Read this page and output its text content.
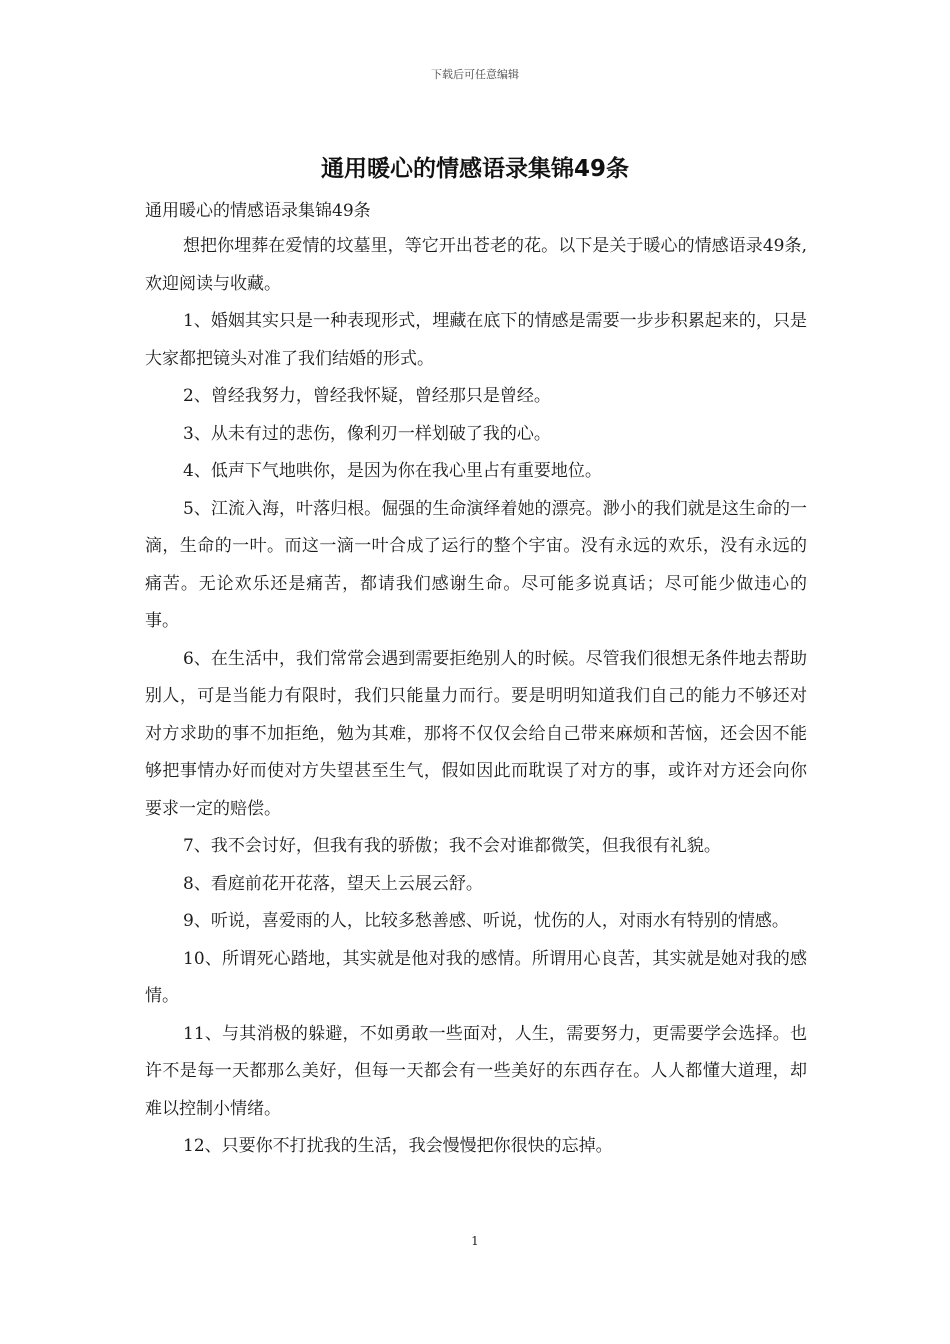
下载后可任意编辑
通用暖心的情感语录集锦49条
通用暖心的情感语录集锦49条

想把你埋葬在爱情的坟墓里，等它开出苍老的花。以下是关于暖心的情感语录49条,欢迎阅读与收藏。

1、婚姻其实只是一种表现形式，埋藏在底下的情感是需要一步步积累起来的，只是大家都把镜头对准了我们结婚的形式。

2、曾经我努力，曾经我怀疑，曾经那只是曾经。

3、从未有过的悲伤，像利刃一样划破了我的心。

4、低声下气地哄你，是因为你在我心里占有重要地位。

5、江流入海，叶落归根。倔强的生命演绎着她的漂亮。渺小的我们就是这生命的一滴，生命的一叶。而这一滴一叶合成了运行的整个宇宙。没有永远的欢乐，没有永远的痛苦。无论欢乐还是痛苦，都请我们感谢生命。尽可能多说真话；尽可能少做违心的事。

6、在生活中，我们常常会遇到需要拒绝别人的时候。尽管我们很想无条件地去帮助别人，可是当能力有限时，我们只能量力而行。要是明明知道我们自己的能力不够还对对方求助的事不加拒绝，勉为其难，那将不仅仅会给自己带来麻烦和苦恼，还会因不能够把事情办好而使对方失望甚至生气，假如因此而耽误了对方的事，或许对方还会向你要求一定的赔偿。

7、我不会讨好，但我有我的骄傲；我不会对谁都微笑，但我很有礼貌。

8、看庭前花开花落，望天上云展云舒。

9、听说，喜爱雨的人，比较多愁善感、听说，忧伤的人，对雨水有特别的情感。

10、所谓死心踏地，其实就是他对我的感情。所谓用心良苦，其实就是她对我的感情。

11、与其消极的躲避，不如勇敢一些面对，人生，需要努力，更需要学会选择。也许不是每一天都那么美好，但每一天都会有一些美好的东西存在。人人都懂大道理，却难以控制小情绪。

12、只要你不打扰我的生活，我会慢慢把你很快的忘掉。

1
